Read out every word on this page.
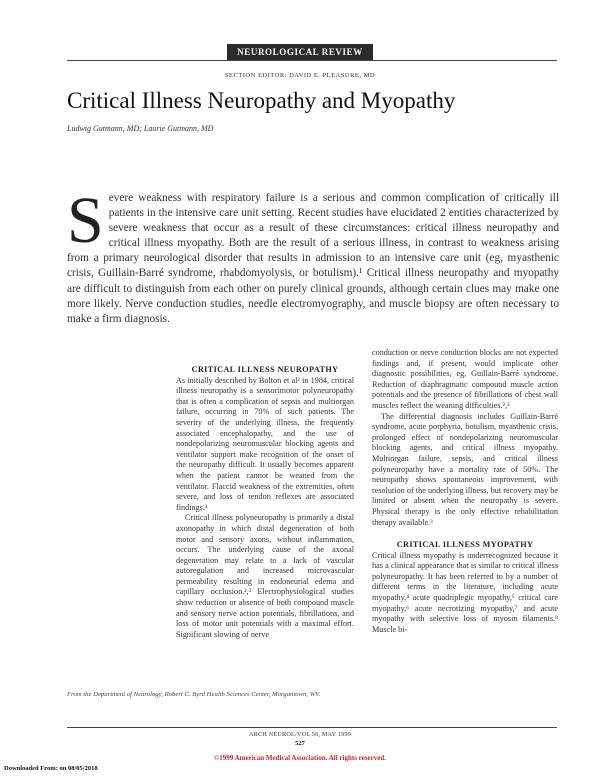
NEUROLOGICAL REVIEW
SECTION EDITOR: DAVID E. PLEASURE, MD
Critical Illness Neuropathy and Myopathy
Ludwig Gutmann, MD; Laurie Gutmann, MD
Severe weakness with respiratory failure is a serious and common complication of critically ill patients in the intensive care unit setting. Recent studies have elucidated 2 entities characterized by severe weakness that occur as a result of these circumstances: critical illness neuropathy and critical illness myopathy. Both are the result of a serious illness, in contrast to weakness arising from a primary neurological disorder that results in admission to an intensive care unit (eg, myasthenic crisis, Guillain-Barré syndrome, rhabdomyolysis, or botulism).¹ Critical illness neuropathy and myopathy are difficult to distinguish from each other on purely clinical grounds, although certain clues may make one more likely. Nerve conduction studies, needle electromyography, and muscle biopsy are often necessary to make a firm diagnosis.

CRITICAL ILLNESS NEUROPATHY

As initially described by Bolton et al² in 1984, critical illness neuropathy is a sensorimotor polyneuropathy that is often a complication of sepsis and multiorgan failure, occurring in 70% of such patients. The severity of the underlying illness, the frequently associated encephalopathy, and the use of nondepolarizing neuromuscular blocking agents and ventilator support make recognition of the onset of the neuropathy difficult. It usually becomes apparent when the patient cannot be weaned from the ventilator. Flaccid weakness of the extremities, often severe, and loss of tendon reflexes are associated findings.³

Critical illness polyneuropathy is primarily a distal axonopathy in which distal degeneration of both motor and sensory axons, without inflammation, occurs. The underlying cause of the axonal degeneration may relate to a lack of vascular autoregulation and increased microvascular permeability resulting in endoneurial edema and capillary occlusion.²,³ Electrophysiological studies show reduction or absence of both compound muscle and sensory nerve action potentials, fibrillations, and loss of motor unit potentials with a maximal effort. Significant slowing of nerve

conduction or nerve conduction blocks are not expected findings and, if present, would implicate other diagnostic possibilities, eg, Guillain-Barré syndrome. Reduction of diaphragmatic compound muscle action potentials and the presence of fibrillations of chest wall muscles reflect the weaning difficulties.²,³

The differential diagnosis includes Guillain-Barré syndrome, acute porphyria, botulism, myasthenic crisis, prolonged effect of nondepolarizing neuromuscular blocking agents, and critical illness myopathy. Multiorgan failure, sepsis, and critical illness polyneuropathy have a mortality rate of 50%. The neuropathy shows spontaneous improvement, with resolution of the underlying illness, but recovery may be limited or absent when the neuropathy is severe. Physical therapy is the only effective rehabilitation therapy available.³

CRITICAL ILLNESS MYOPATHY

Critical illness myopathy is underrecognized because it has a clinical appearance that is similar to critical illness polyneuropathy. It has been referred to by a number of different terms in the literature, including acute myopathy,⁴ acute quadriplegic myopathy,⁵ critical care myopathy,⁶ acute necrotizing myopathy,⁷ and acute myopathy with selective loss of myosin filaments.⁸ Muscle bi-

From the Department of Neurology, Robert C. Byrd Health Sciences Center, Morgantown, WV.
ARCH NEUROL/VOL 56, MAY 1999
527
©1999 American Medical Association. All rights reserved.
Downloaded From: on 08/05/2018
